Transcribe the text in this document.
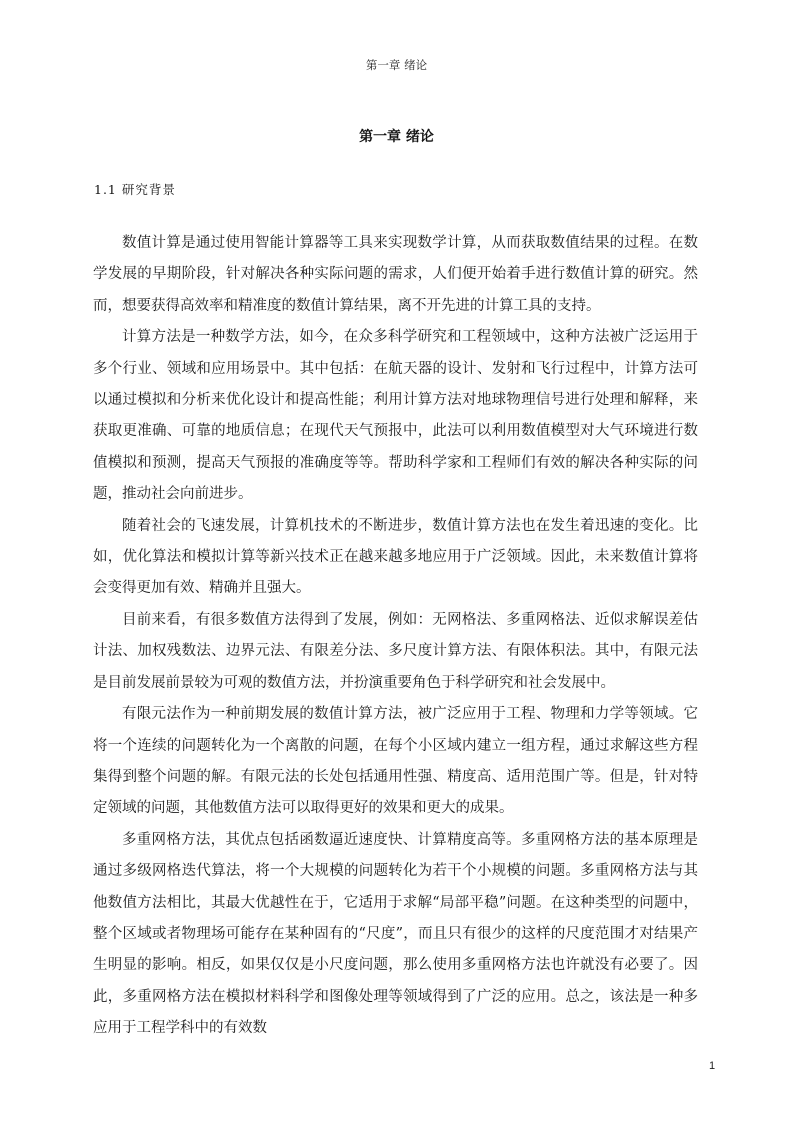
第一章 绪论
第一章 绪论
1.1 研究背景

数值计算是通过使用智能计算器等工具来实现数学计算，从而获取数值结果的过程。在数学发展的早期阶段，针对解决各种实际问题的需求，人们便开始着手进行数值计算的研究。然而，想要获得高效率和精准度的数值计算结果，离不开先进的计算工具的支持。

计算方法是一种数学方法，如今，在众多科学研究和工程领域中，这种方法被广泛运用于多个行业、领域和应用场景中。其中包括：在航天器的设计、发射和飞行过程中，计算方法可以通过模拟和分析来优化设计和提高性能；利用计算方法对地球物理信号进行处理和解释，来获取更准确、可靠的地质信息；在现代天气预报中，此法可以利用数值模型对大气环境进行数值模拟和预测，提高天气预报的准确度等等。帮助科学家和工程师们有效的解决各种实际的问题，推动社会向前进步。

随着社会的飞速发展，计算机技术的不断进步，数值计算方法也在发生着迅速的变化。比如，优化算法和模拟计算等新兴技术正在越来越多地应用于广泛领域。因此，未来数值计算将会变得更加有效、精确并且强大。

目前来看，有很多数值方法得到了发展，例如：无网格法、多重网格法、近似求解误差估计法、加权残数法、边界元法、有限差分法、多尺度计算方法、有限体积法。其中，有限元法是目前发展前景较为可观的数值方法，并扮演重要角色于科学研究和社会发展中。

有限元法作为一种前期发展的数值计算方法，被广泛应用于工程、物理和力学等领域。它将一个连续的问题转化为一个离散的问题，在每个小区域内建立一组方程，通过求解这些方程集得到整个问题的解。有限元法的长处包括通用性强、精度高、适用范围广等。但是，针对特定领域的问题，其他数值方法可以取得更好的效果和更大的成果。

多重网格方法，其优点包括函数逼近速度快、计算精度高等。多重网格方法的基本原理是通过多级网格迭代算法，将一个大规模的问题转化为若干个小规模的问题。多重网格方法与其他数值方法相比，其最大优越性在于，它适用于求解“局部平稳”问题。在这种类型的问题中，整个区域或者物理场可能存在某种固有的“尺度”，而且只有很少的这样的尺度范围才对结果产生明显的影响。相反，如果仅仅是小尺度问题，那么使用多重网格方法也许就没有必要了。因此，多重网格方法在模拟材料科学和图像处理等领域得到了广泛的应用。总之，该法是一种多应用于工程学科中的有效数

1
